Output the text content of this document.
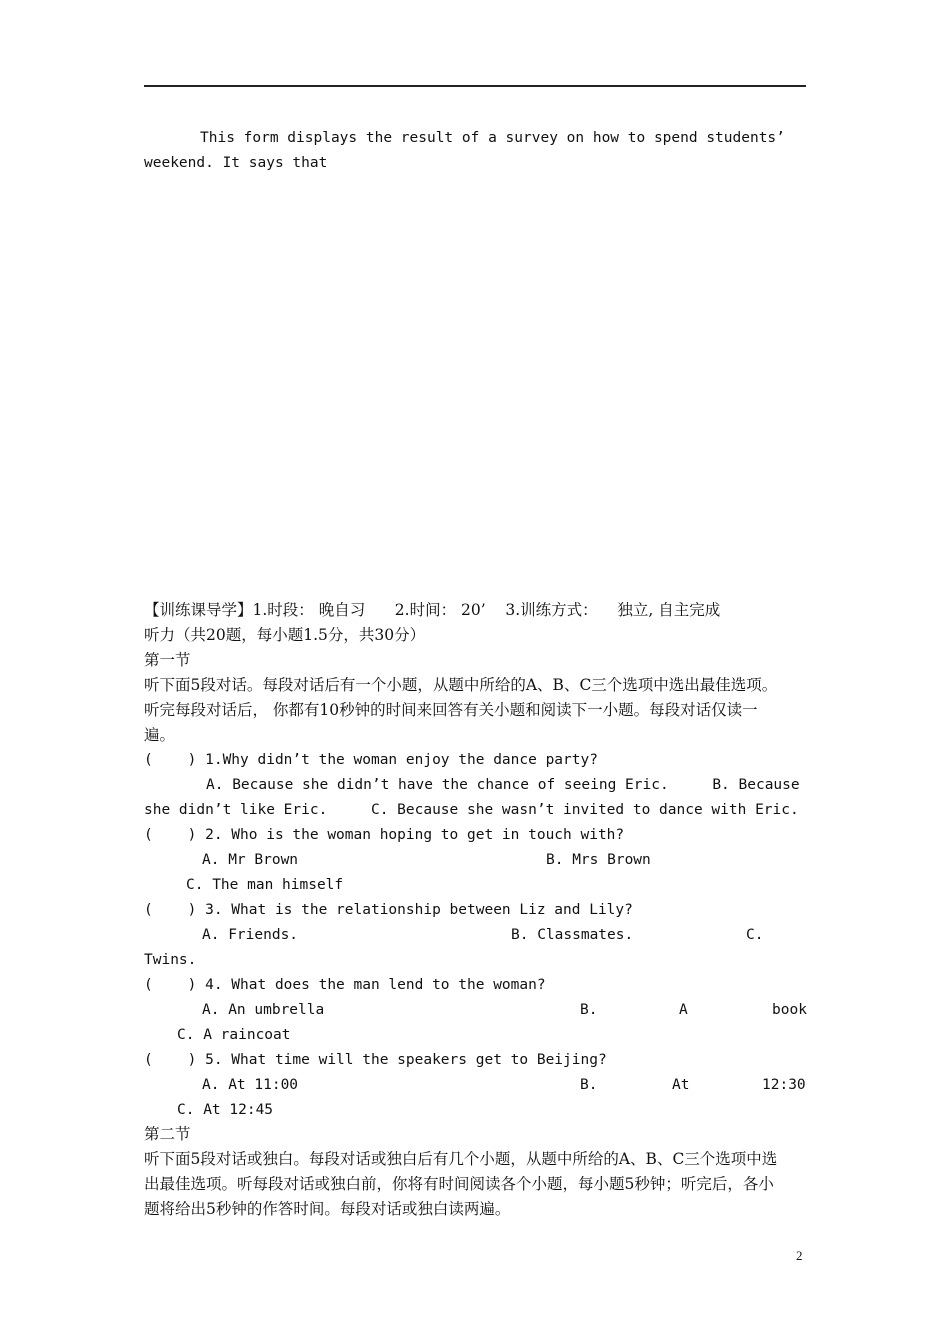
This form displays the result of a survey on how to spend students’
weekend. It says that
【训练课导学】1.时段： 晚自习      2.时间： 20’    3.训练方式：    独立, 自主完成
听力（共20题，每小题1.5分，共30分）
第一节
听下面5段对话。每段对话后有一个小题，从题中所给的A、B、C三个选项中选出最佳选项。
听完每段对话后， 你都有10秒钟的时间来回答有关小题和阅读下一小题。每段对话仅读一
遍。
(    ) 1.Why didn’t the woman enjoy the dance party?
A. Because she didn’t have the chance of seeing Eric.     B. Because
she didn’t like Eric.     C. Because she wasn’t invited to dance with Eric.
(    ) 2. Who is the woman hoping to get in touch with?
A. Mr Brown	B. Mrs Brown
C. The man himself
(    ) 3. What is the relationship between Liz and Lily?
A. Friends.	B. Classmates.	C.
Twins.
(    ) 4. What does the man lend to the woman?
A. An umbrella	B.	A	book
C. A raincoat
(    ) 5. What time will the speakers get to Beijing?
A. At 11:00	B.	At	12:30
C. At 12:45
第二节
听下面5段对话或独白。每段对话或独白后有几个小题，从题中所给的A、B、C三个选项中选
出最佳选项。听每段对话或独白前，你将有时间阅读各个小题，每小题5秒钟；听完后，各小
题将给出5秒钟的作答时间。每段对话或独白读两遍。
2
